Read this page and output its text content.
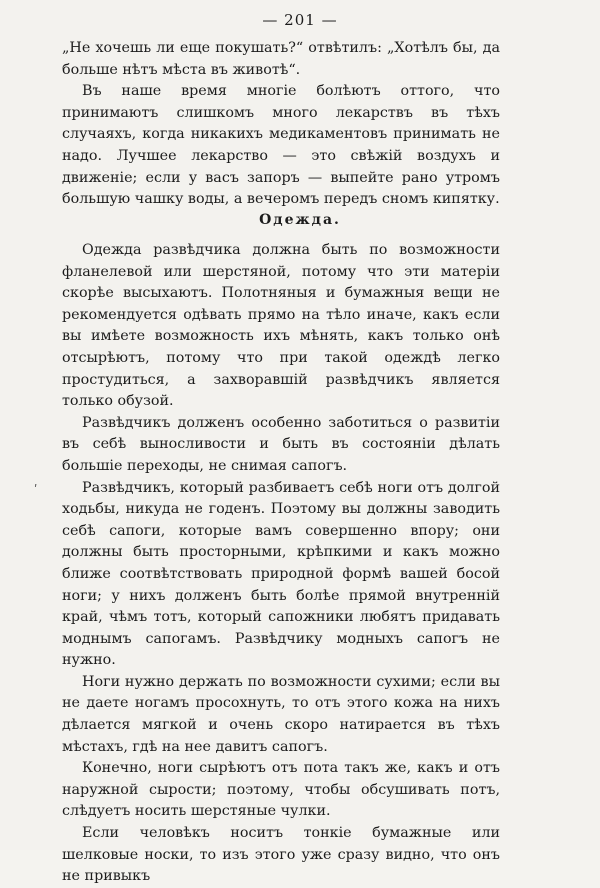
— 201 —

„Не хочешь ли еще покушать?“ отвѣтилъ: „Хотѣлъ бы, да больше нѣтъ мѣста въ животѣ“.

Въ наше время многіе болѣютъ оттого, что принимаютъ слишкомъ много лекарствъ въ тѣхъ случаяхъ, когда никакихъ медикаментовъ принимать не надо. Лучшее лекарство — это свѣжій воздухъ и движеніе; если у васъ запоръ — выпейте рано утромъ большую чашку воды, а вечеромъ передъ сномъ кипятку.

Одежда.

Одежда развѣдчика должна быть по возможности фланелевой или шерстяной, потому что эти матеріи скорѣе высыхаютъ. Полотняныя и бумажныя вещи не рекомендуется одѣвать прямо на тѣло иначе, какъ если вы имѣете возможность ихъ мѣнять, какъ только онѣ отсырѣютъ, потому что при такой одеждѣ легко простудиться, а захворавшій развѣдчикъ является только обузой.

Развѣдчикъ долженъ особенно заботиться о развитіи въ себѣ выносливости и быть въ состояніи дѣлать большіе переходы, не снимая сапогъ.

Развѣдчикъ, который разбиваетъ себѣ ноги отъ долгой ходьбы, никуда не годенъ. Поэтому вы должны заводить себѣ сапоги, которые вамъ совершенно впору; они должны быть просторными, крѣпкими и какъ можно ближе соотвѣтствовать природной формѣ вашей босой ноги; у нихъ долженъ быть болѣе прямой внутренній край, чѣмъ тотъ, который сапожники любятъ придавать моднымъ сапогамъ. Развѣдчику модныхъ сапогъ не нужно.

Ноги нужно держать по возможности сухими; если вы не даете ногамъ просохнуть, то отъ этого кожа на нихъ дѣлается мягкой и очень скоро натирается въ тѣхъ мѣстахъ, гдѣ на нее давитъ сапогъ.

Конечно, ноги сырѣютъ отъ пота такъ же, какъ и отъ наружной сырости; поэтому, чтобы обсушивать потъ, слѣдуетъ носить шерстяные чулки.

Если человѣкъ носитъ тонкіе бумажные или шелковые носки, то изъ этого уже сразу видно, что онъ не привыкъ

ʹ
